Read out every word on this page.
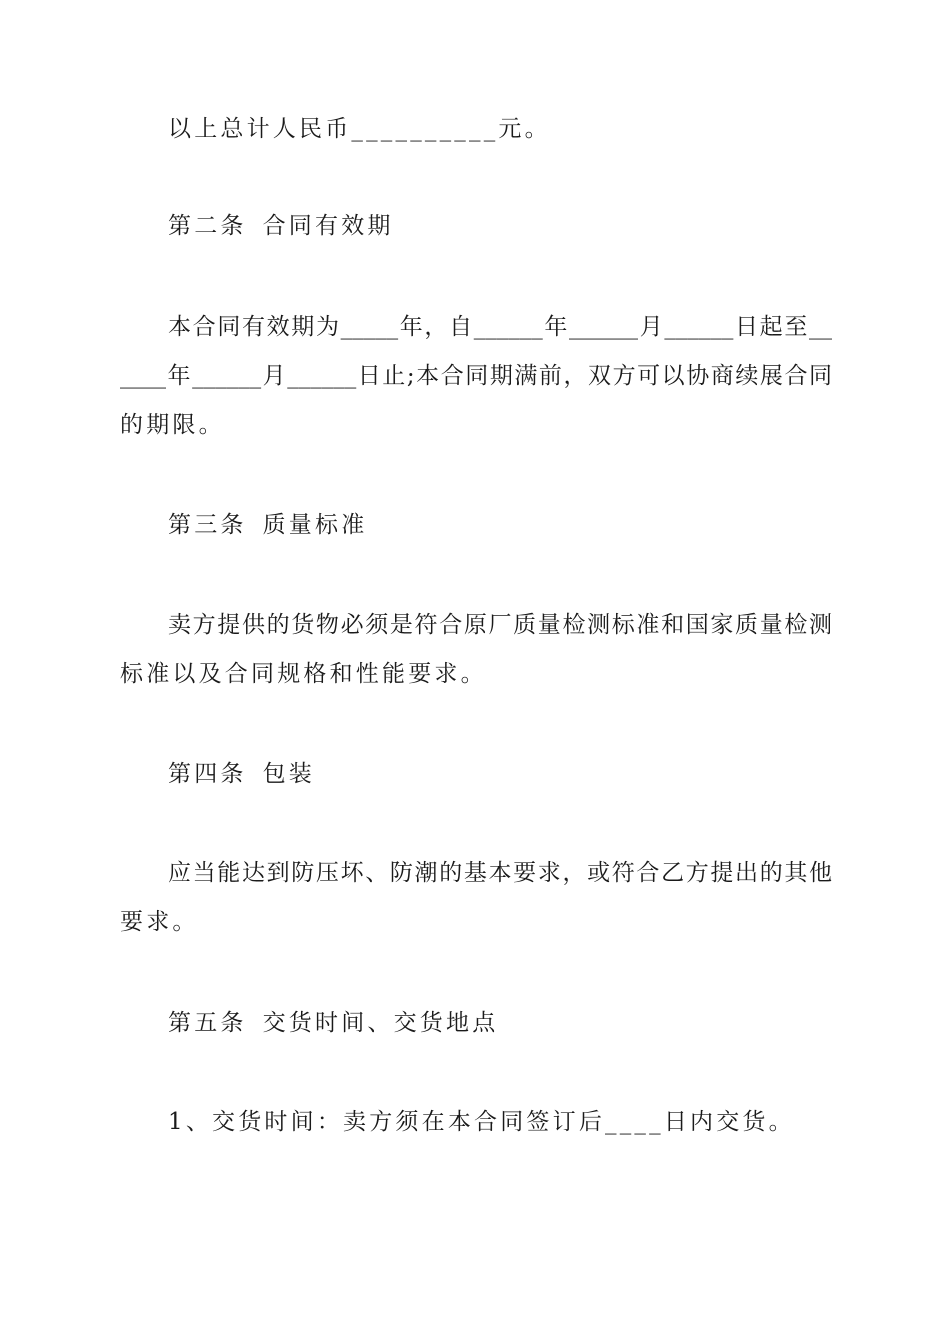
以上总计人民币__________元。
第二条 合同有效期
本合同有效期为_____年，自______年______月______日起至__
____年______月______日止;本合同期满前，双方可以协商续展合同
的期限。
第三条 质量标准
卖方提供的货物必须是符合原厂质量检测标准和国家质量检测
标准以及合同规格和性能要求。
第四条 包装
应当能达到防压坏、防潮的基本要求，或符合乙方提出的其他
要求。
第五条 交货时间、交货地点
1、交货时间：卖方须在本合同签订后____日内交货。
